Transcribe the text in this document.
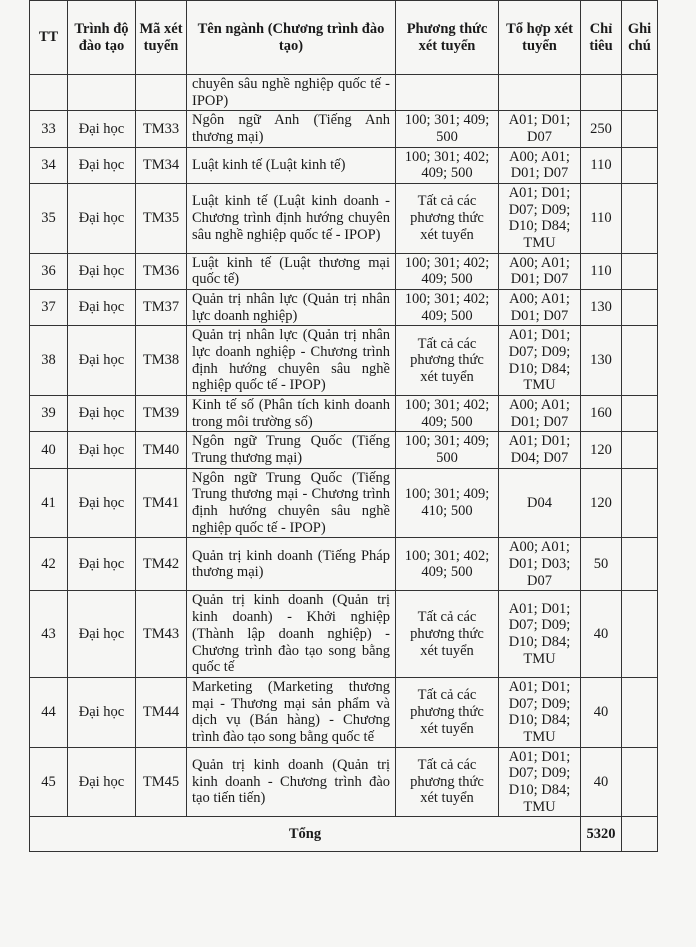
TT	Trình độ đào tạo	Mã xét tuyển	Tên ngành (Chương trình đào tạo)	Phương thức xét tuyển	Tổ hợp xét tuyển	Chỉ tiêu	Ghi chú
			chuyên sâu nghề nghiệp quốc tế - IPOP)				
33	Đại học	TM33	Ngôn ngữ Anh (Tiếng Anh thương mại)	100; 301; 409; 500	A01; D01; D07	250	
34	Đại học	TM34	Luật kinh tế (Luật kinh tế)	100; 301; 402; 409; 500	A00; A01; D01; D07	110	
35	Đại học	TM35	Luật kinh tế (Luật kinh doanh - Chương trình định hướng chuyên sâu nghề nghiệp quốc tế - IPOP)	Tất cả các phương thức xét tuyển	A01; D01; D07; D09; D10; D84; TMU	110	
36	Đại học	TM36	Luật kinh tế (Luật thương mại quốc tế)	100; 301; 402; 409; 500	A00; A01; D01; D07	110	
37	Đại học	TM37	Quản trị nhân lực (Quản trị nhân lực doanh nghiệp)	100; 301; 402; 409; 500	A00; A01; D01; D07	130	
38	Đại học	TM38	Quản trị nhân lực (Quản trị nhân lực doanh nghiệp - Chương trình định hướng chuyên sâu nghề nghiệp quốc tế - IPOP)	Tất cả các phương thức xét tuyển	A01; D01; D07; D09; D10; D84; TMU	130	
39	Đại học	TM39	Kinh tế số (Phân tích kinh doanh trong môi trường số)	100; 301; 402; 409; 500	A00; A01; D01; D07	160	
40	Đại học	TM40	Ngôn ngữ Trung Quốc (Tiếng Trung thương mại)	100; 301; 409; 500	A01; D01; D04; D07	120	
41	Đại học	TM41	Ngôn ngữ Trung Quốc (Tiếng Trung thương mại - Chương trình định hướng chuyên sâu nghề nghiệp quốc tế - IPOP)	100; 301; 409; 410; 500	D04	120	
42	Đại học	TM42	Quản trị kinh doanh (Tiếng Pháp thương mại)	100; 301; 402; 409; 500	A00; A01; D01; D03; D07	50	
43	Đại học	TM43	Quản trị kinh doanh (Quản trị kinh doanh) - Khởi nghiệp (Thành lập doanh nghiệp) - Chương trình đào tạo song bằng quốc tế	Tất cả các phương thức xét tuyển	A01; D01; D07; D09; D10; D84; TMU	40	
44	Đại học	TM44	Marketing (Marketing thương mại - Thương mại sản phẩm và dịch vụ (Bán hàng) - Chương trình đào tạo song bằng quốc tế	Tất cả các phương thức xét tuyển	A01; D01; D07; D09; D10; D84; TMU	40	
45	Đại học	TM45	Quản trị kinh doanh (Quản trị kinh doanh - Chương trình đào tạo tiến tiến)	Tất cả các phương thức xét tuyển	A01; D01; D07; D09; D10; D84; TMU	40	
Tổng						5320	
